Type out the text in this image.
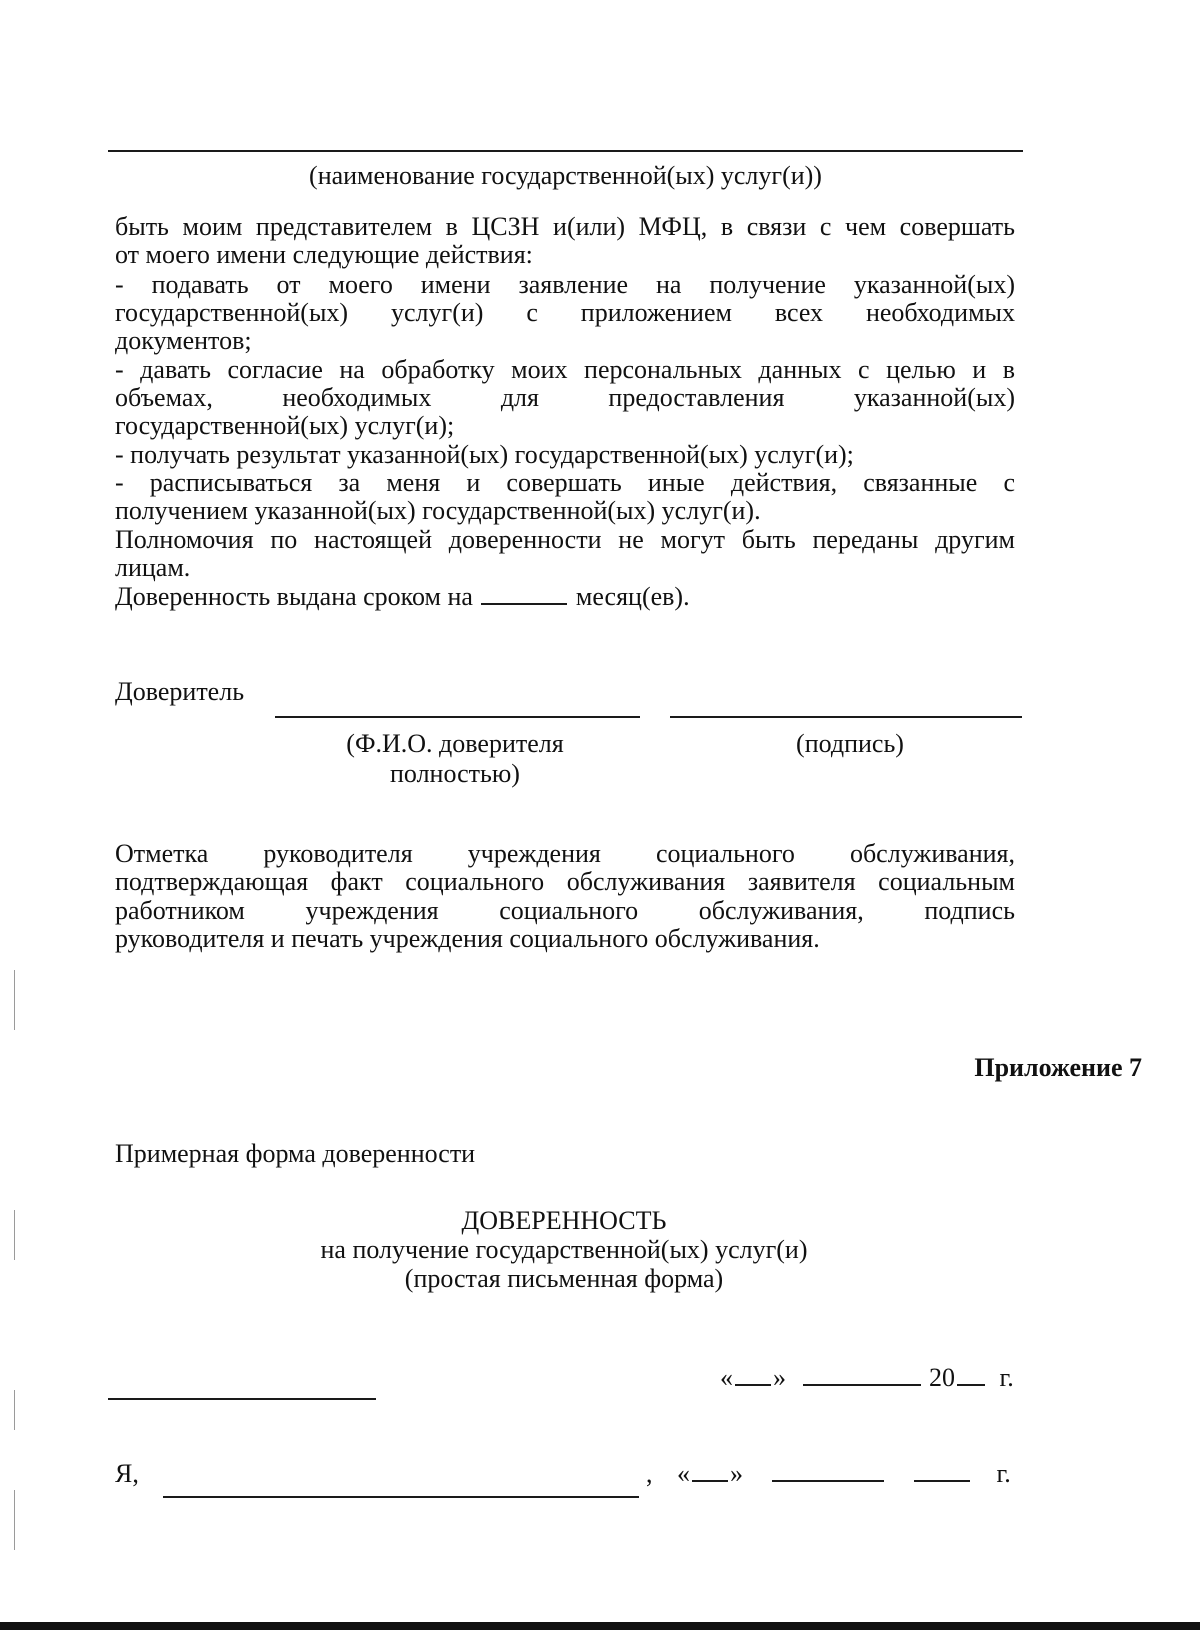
(наименование государственной(ых) услуг(и))
быть моим представителем в ЦСЗН и(или) МФЦ, в связи с чем совершать
от моего имени следующие действия:
- подавать от моего имени заявление на получение указанной(ых)
государственной(ых) услуг(и) с приложением всех необходимых
документов;
- давать согласие на обработку моих персональных данных с целью и в
объемах, необходимых для предоставления указанной(ых)
государственной(ых) услуг(и);
- получать результат указанной(ых) государственной(ых) услуг(и);
- расписываться за меня и совершать иные действия, связанные с
получением указанной(ых) государственной(ых) услуг(и).
Полномочия по настоящей доверенности не могут быть переданы другим
лицам.
Доверенность выдана сроком на	месяц(ев).
Доверитель
(Ф.И.О. доверителя
полностью)
(подпись)
Отметка руководителя учреждения социального обслуживания,
подтверждающая факт социального обслуживания заявителя социальным
работником учреждения социального обслуживания, подпись
руководителя и печать учреждения социального обслуживания.
Приложение 7
Примерная форма доверенности
ДОВЕРЕННОСТЬ
на получение государственной(ых) услуг(и)
(простая письменная форма)
« »	20 г.
Я,	, « »	г.
